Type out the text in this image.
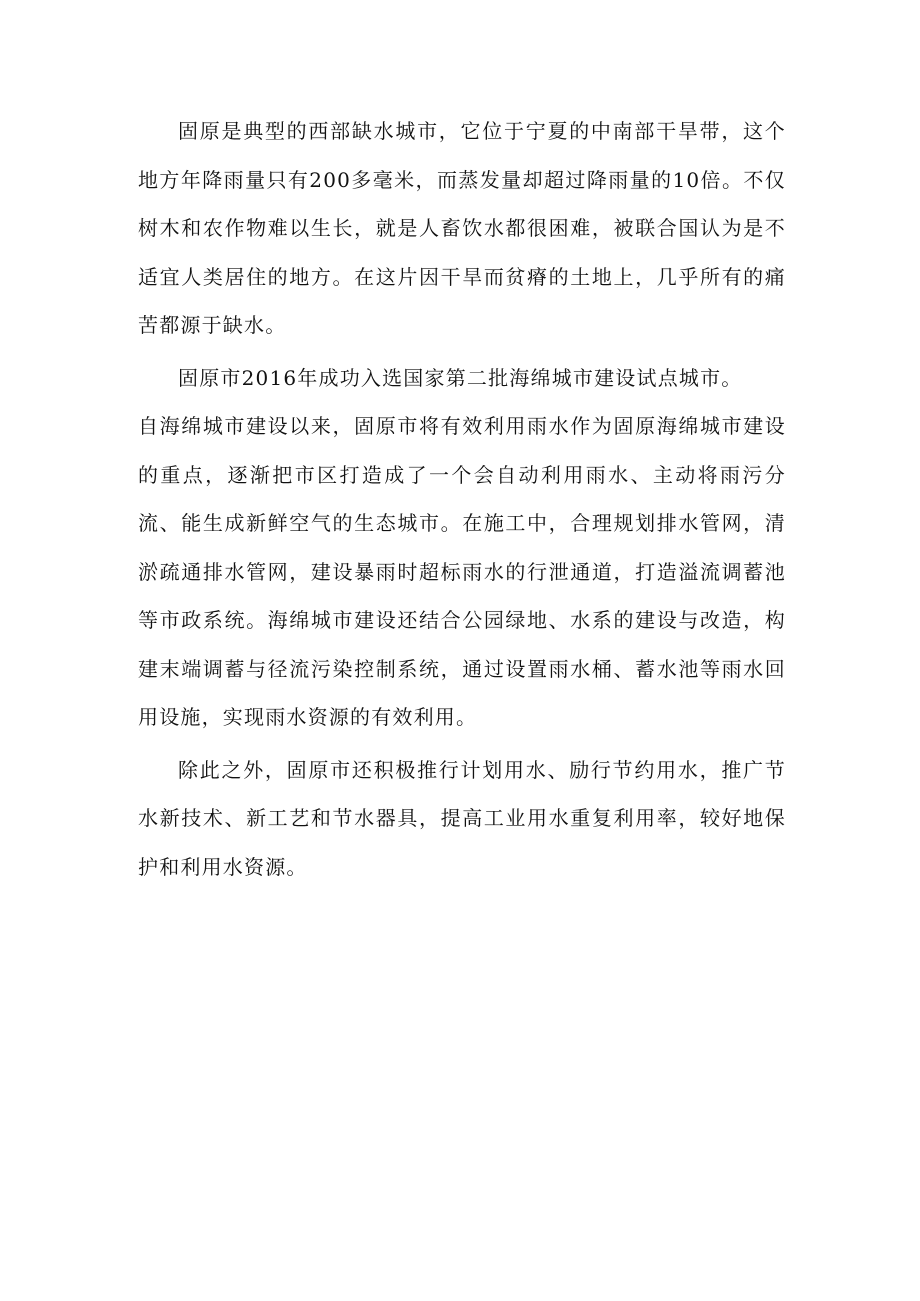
固原是典型的西部缺水城市，它位于宁夏的中南部干旱带，这个地方年降雨量只有200多毫米，而蒸发量却超过降雨量的10倍。不仅树木和农作物难以生长，就是人畜饮水都很困难，被联合国认为是不适宜人类居住的地方。在这片因干旱而贫瘠的土地上，几乎所有的痛苦都源于缺水。

固原市2016年成功入选国家第二批海绵城市建设试点城市。

自海绵城市建设以来，固原市将有效利用雨水作为固原海绵城市建设的重点，逐渐把市区打造成了一个会自动利用雨水、主动将雨污分流、能生成新鲜空气的生态城市。在施工中，合理规划排水管网，清淤疏通排水管网，建设暴雨时超标雨水的行泄通道，打造溢流调蓄池等市政系统。海绵城市建设还结合公园绿地、水系的建设与改造，构建末端调蓄与径流污染控制系统，通过设置雨水桶、蓄水池等雨水回用设施，实现雨水资源的有效利用。

除此之外，固原市还积极推行计划用水、励行节约用水，推广节水新技术、新工艺和节水器具，提高工业用水重复利用率，较好地保护和利用水资源。
